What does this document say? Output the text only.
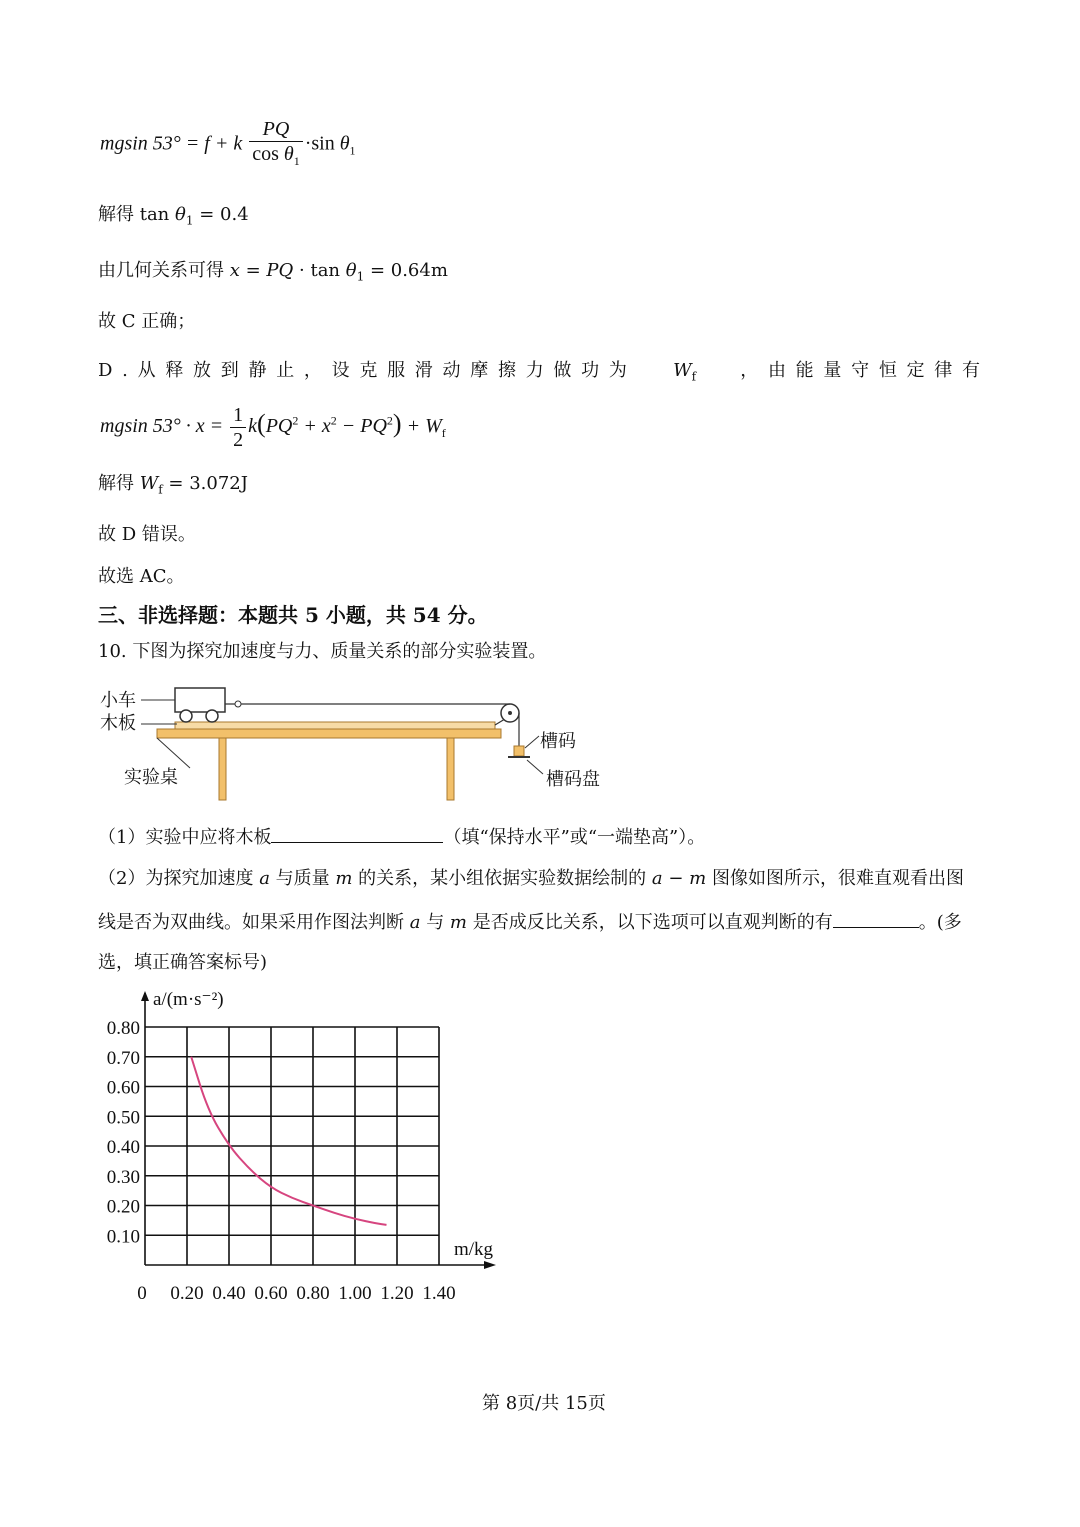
mgsin 53° = f + k $\frac{PQ}{\cos \theta_1} \cdot\sin$ $\theta_1$
解得 $\tan \theta_1 = 0.4$
由几何关系可得 x = PQ · $\tan \theta_1 = 0.64m$
故 C 正确；
D . 从 释 放 到 静 止 ， 设 克 服 滑 动 摩 擦 力 做 功 为 $W_f$ ， 由 能 量 守 恒 定 律 有
mgsin $53^\circ \cdot x = \frac{1}{2} k(PQ^2 + x^2 - PQ^2) + W_f$
解得 $W_f = 3.072J$
故 D 错误。
故选 AC。
三、非选择题：本题共 5 小题，共 54 分。
10. 下图为探究加速度与力、质量关系的部分实验装置。
小车
木板
实验桌
槽码
槽码盘
（1）实验中应将木板	（填“保持水平”或“一端垫高”）。
（2）为探究加速度 a 与质量 m 的关系，某小组依据实验数据绘制的 a − m 图像如图所示，很难直观看出图
线是否为双曲线。如果采用作图法判断 a 与 m 是否成反比关系，以下选项可以直观判断的有	。(多
选，填正确答案标号)
0.10
0.20
0.30
0.40
0.50
0.60
0.70
0.80
0 0.20 0.40 0.60 0.80 1.00 1.20 1.40
a/(m·s⁻²)
m/kg
第 8页/共 15页
